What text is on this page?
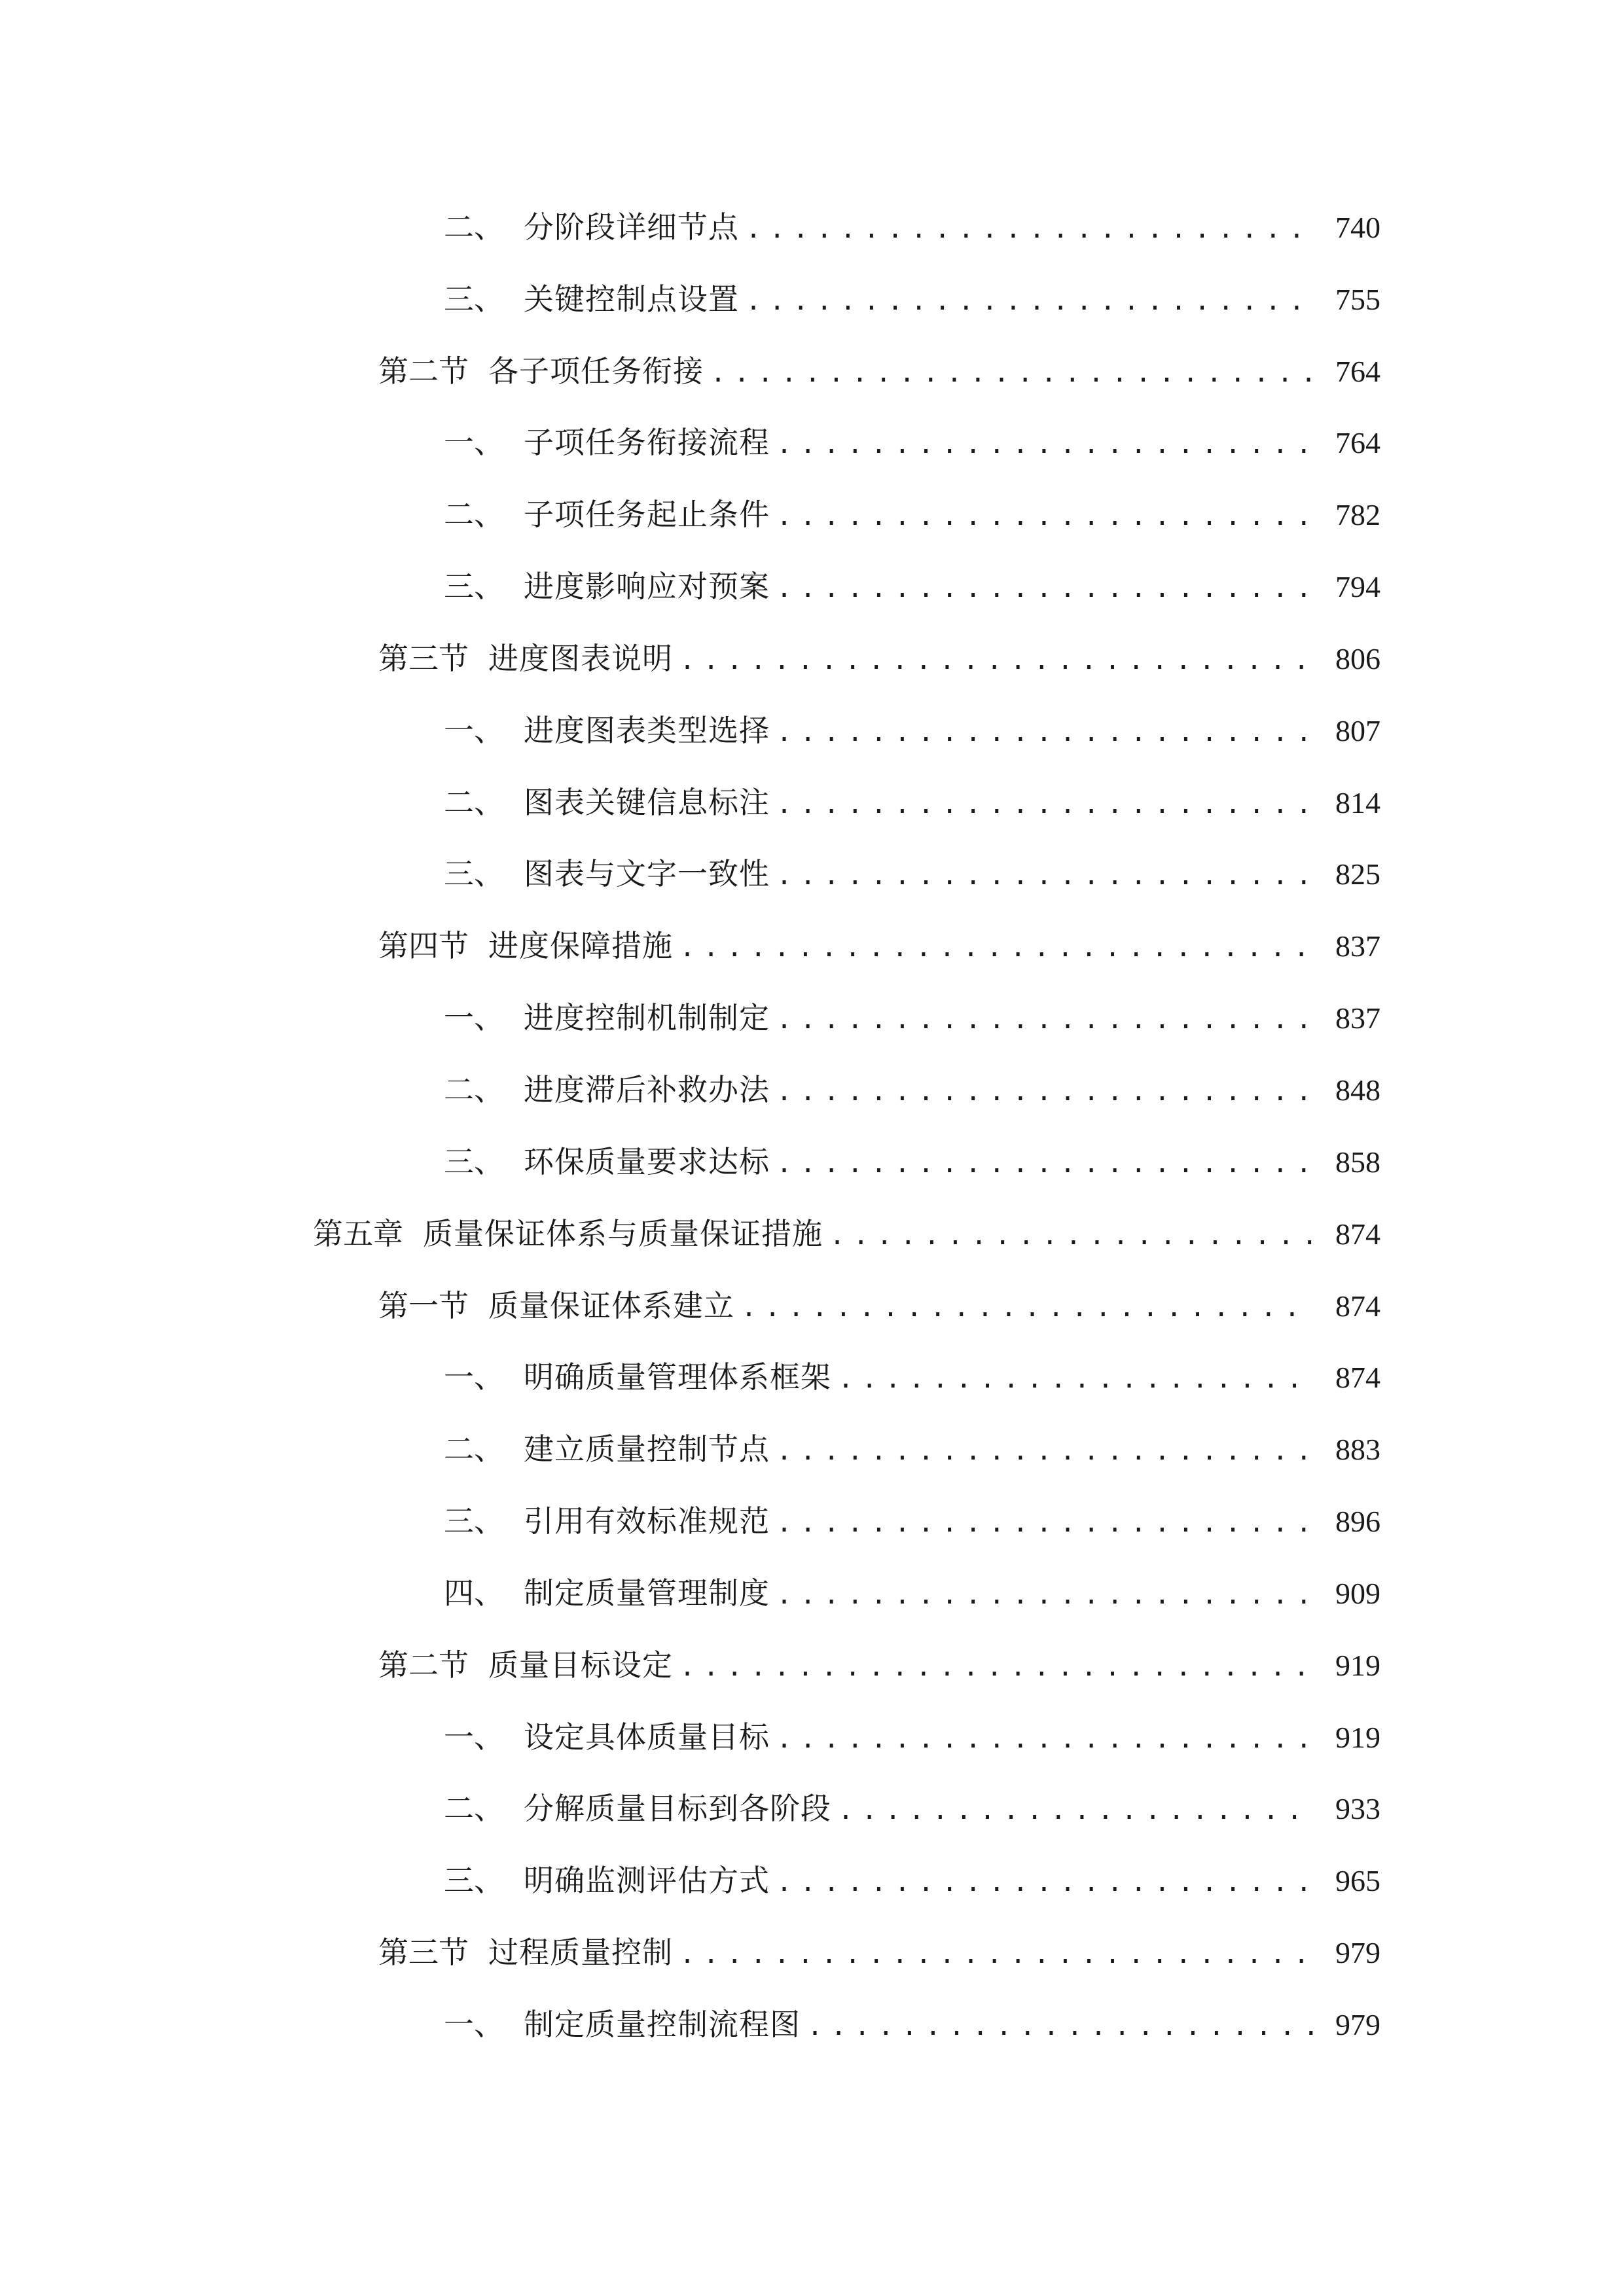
二、 分阶段详细节点 .....	740
三、 关键控制点设置 .....	755
第二节 各子项任务衔接 .....	764
一、 子项任务衔接流程 .....	764
二、 子项任务起止条件 .....	782
三、 进度影响应对预案 .....	794
第三节 进度图表说明 .....	806
一、 进度图表类型选择 .....	807
二、 图表关键信息标注 .....	814
三、 图表与文字一致性 .....	825
第四节 进度保障措施 .....	837
一、 进度控制机制制定 .....	837
二、 进度滞后补救办法 .....	848
三、 环保质量要求达标 .....	858
第五章 质量保证体系与质量保证措施 .....	874
第一节 质量保证体系建立 .....	874
一、 明确质量管理体系框架 .....	874
二、 建立质量控制节点 .....	883
三、 引用有效标准规范 .....	896
四、 制定质量管理制度 .....	909
第二节 质量目标设定 .....	919
一、 设定具体质量目标 .....	919
二、 分解质量目标到各阶段 .....	933
三、 明确监测评估方式 .....	965
第三节 过程质量控制 .....	979
一、 制定质量控制流程图 .....	979
